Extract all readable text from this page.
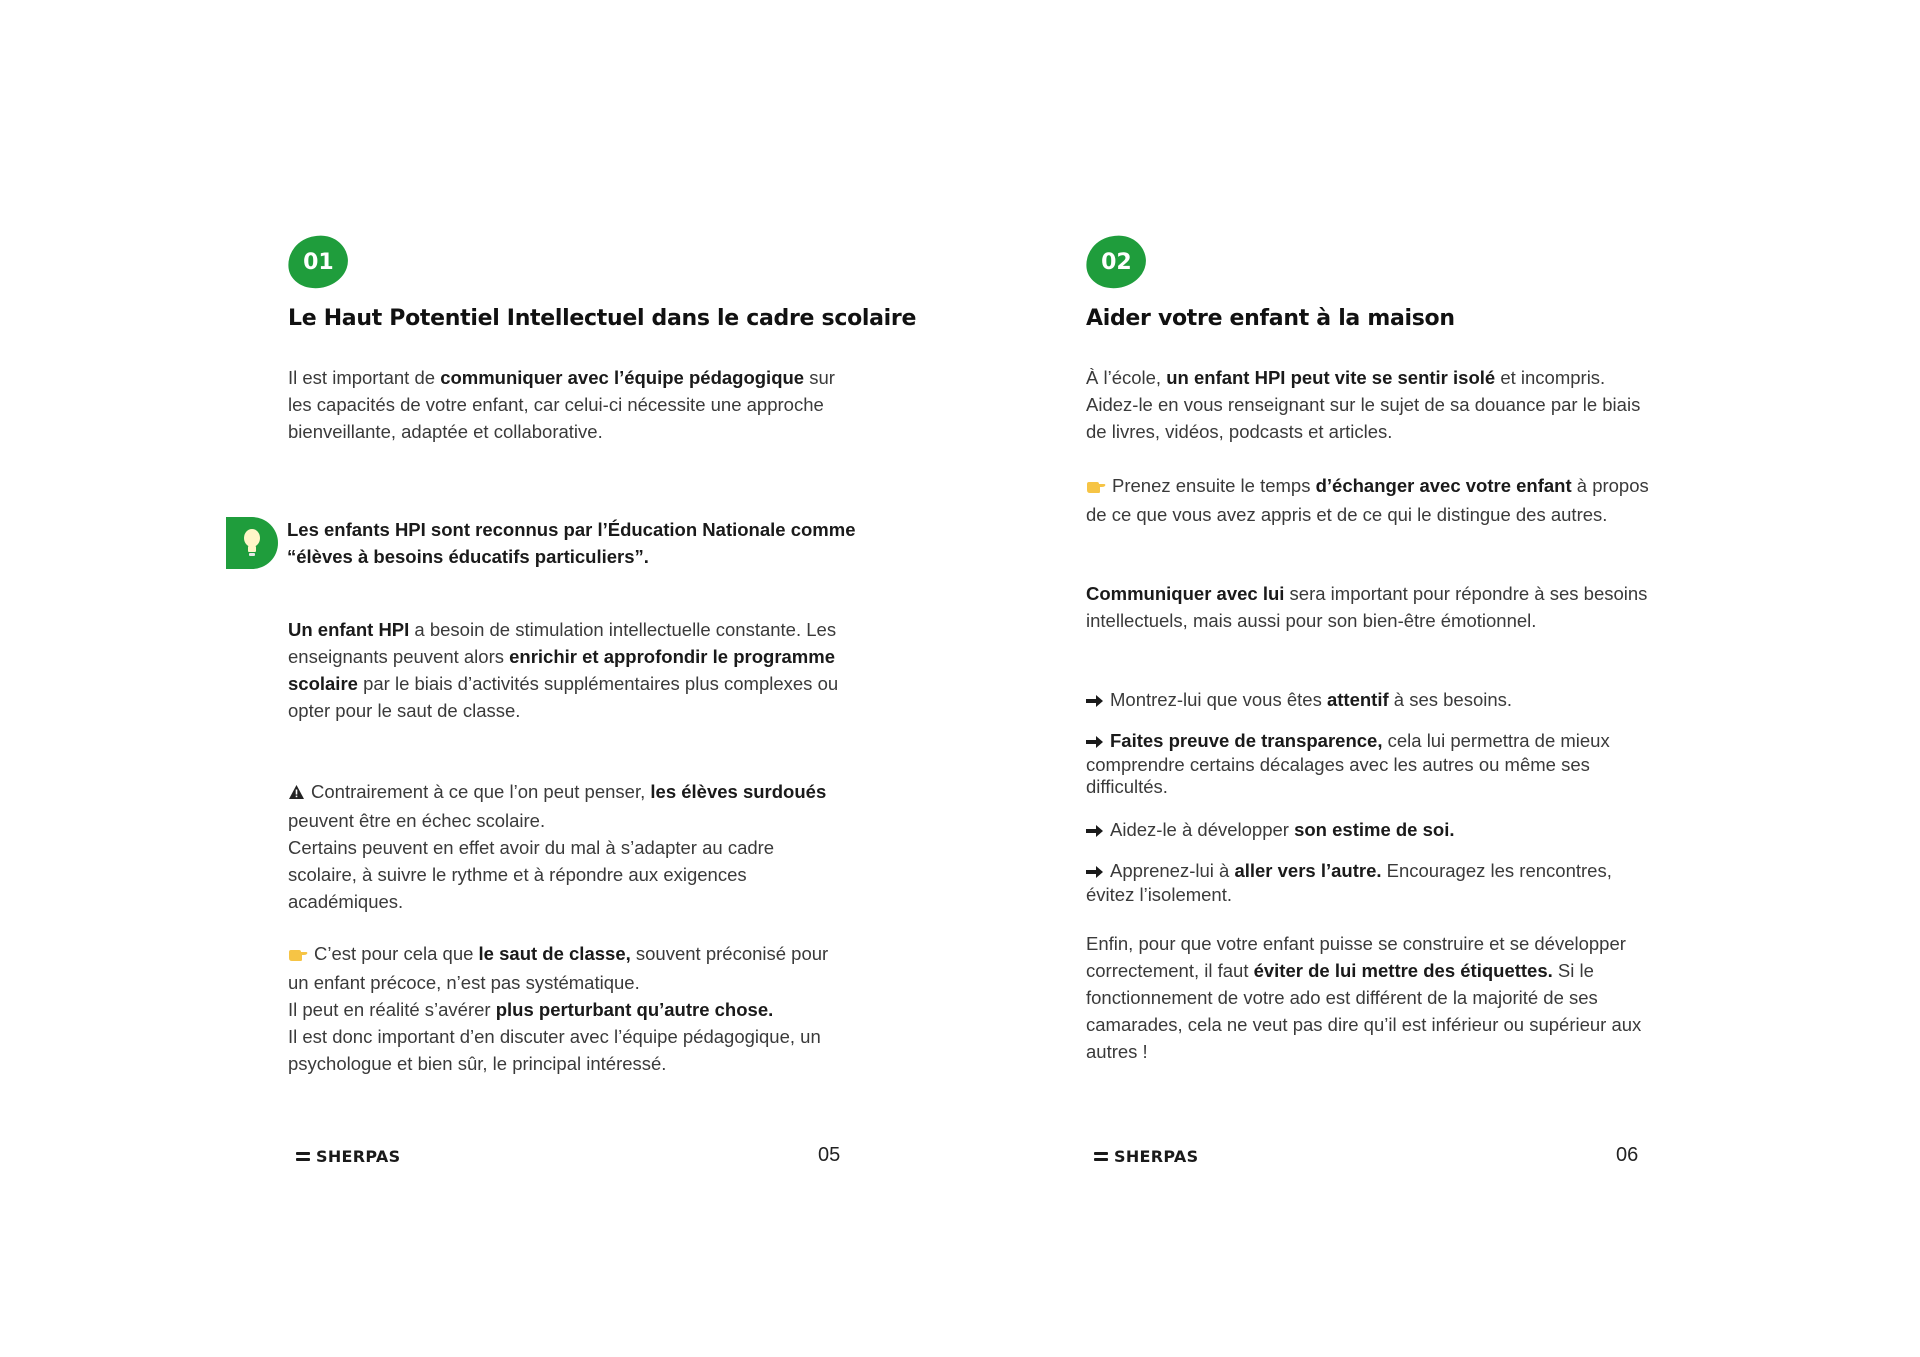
01
Le Haut Potentiel Intellectuel dans le cadre scolaire

Il est important de communiquer avec l’équipe pédagogique sur les capacités de votre enfant, car celui-ci nécessite une approche bienveillante, adaptée et collaborative.

Les enfants HPI sont reconnus par l’Éducation Nationale comme “élèves à besoins éducatifs particuliers”.

Un enfant HPI a besoin de stimulation intellectuelle constante. Les enseignants peuvent alors enrichir et approfondir le programme scolaire par le biais d’activités supplémentaires plus complexes ou opter pour le saut de classe.

Contrairement à ce que l’on peut penser, les élèves surdoués peuvent être en échec scolaire.
Certains peuvent en effet avoir du mal à s’adapter au cadre scolaire, à suivre le rythme et à répondre aux exigences académiques.

C’est pour cela que le saut de classe, souvent préconisé pour un enfant précoce, n’est pas systématique.
Il peut en réalité s’avérer plus perturbant qu’autre chose.
Il est donc important d’en discuter avec l’équipe pédagogique, un psychologue et bien sûr, le principal intéressé.

SHERPAS	05
02
Aider votre enfant à la maison

À l’école, un enfant HPI peut vite se sentir isolé et incompris. Aidez-le en vous renseignant sur le sujet de sa douance par le biais de livres, vidéos, podcasts et articles.

Prenez ensuite le temps d’échanger avec votre enfant à propos de ce que vous avez appris et de ce qui le distingue des autres.

Communiquer avec lui sera important pour répondre à ses besoins intellectuels, mais aussi pour son bien-être émotionnel.

Montrez-lui que vous êtes attentif à ses besoins.

Faites preuve de transparence, cela lui permettra de mieux comprendre certains décalages avec les autres ou même ses difficultés.

Aidez-le à développer son estime de soi.

Apprenez-lui à aller vers l’autre. Encouragez les rencontres, évitez l’isolement.

Enfin, pour que votre enfant puisse se construire et se développer correctement, il faut éviter de lui mettre des étiquettes. Si le fonctionnement de votre ado est différent de la majorité de ses camarades, cela ne veut pas dire qu’il est inférieur ou supérieur aux autres !

SHERPAS	06
